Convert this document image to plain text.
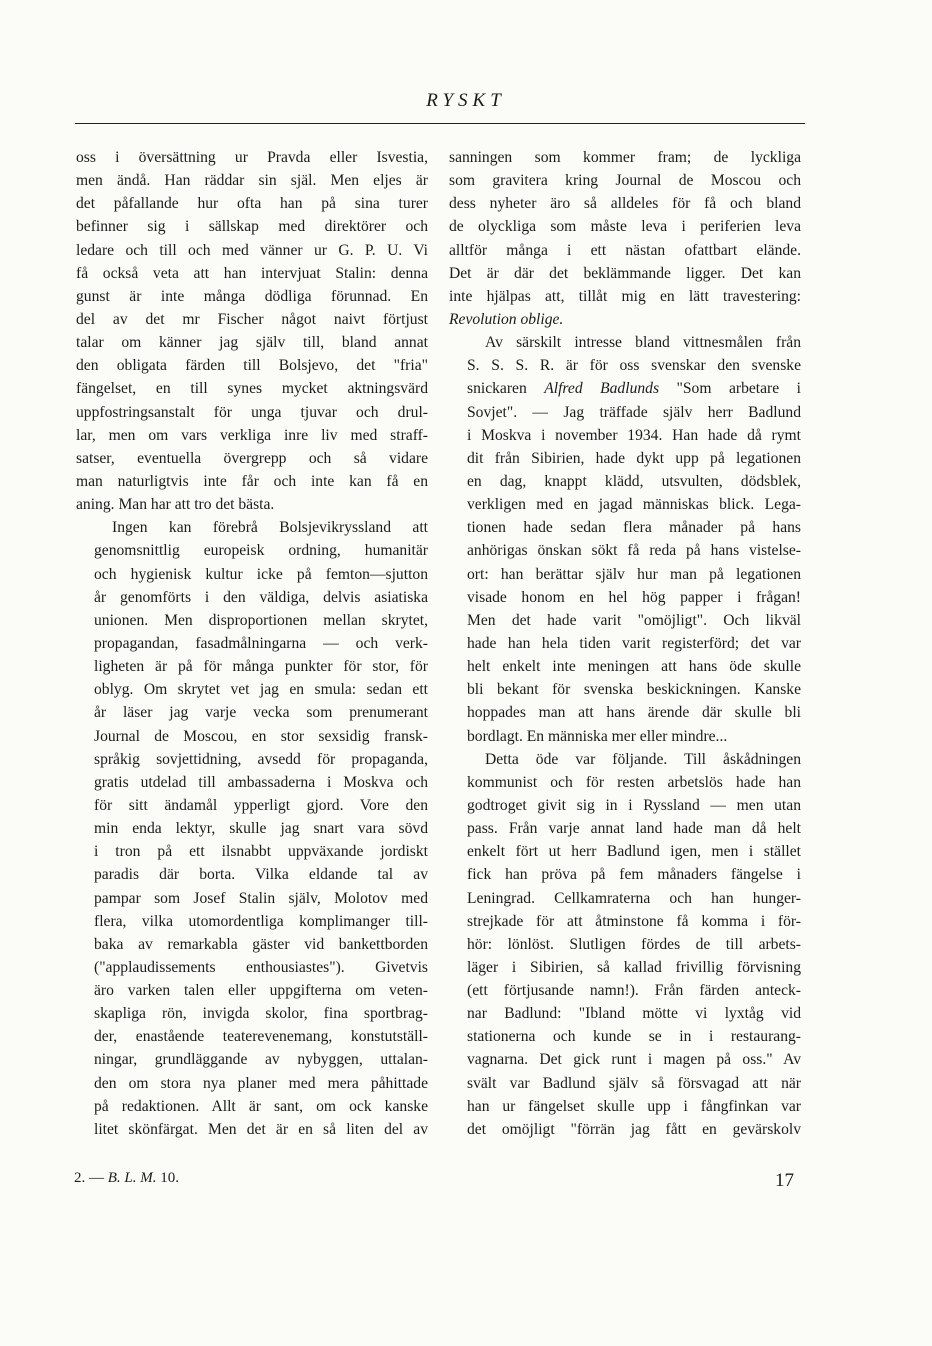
RYSKT

oss i översättning ur Pravda eller Isvestia,
men ändå. Han räddar sin själ. Men eljes är
det påfallande hur ofta han på sina turer
befinner sig i sällskap med direktörer och
ledare och till och med vänner ur G. P. U. Vi
få också veta att han intervjuat Stalin: denna
gunst är inte många dödliga förunnad. En
del av det mr Fischer något naivt förtjust
talar om känner jag själv till, bland annat
den obligata färden till Bolsjevo, det "fria"
fängelset, en till synes mycket aktningsvärd
uppfostringsanstalt för unga tjuvar och drul-
lar, men om vars verkliga inre liv med straff-
satser, eventuella övergrepp och så vidare
man naturligtvis inte får och inte kan få en
aning. Man har att tro det bästa.

Ingen kan förebrå Bolsjevikryssland att
genomsnittlig europeisk ordning, humanitär
och hygienisk kultur icke på femton—sjutton
år genomförts i den väldiga, delvis asiatiska
unionen. Men disproportionen mellan skrytet,
propagandan, fasadmålningarna — och verk-
ligheten är på för många punkter för stor, för
oblyg. Om skrytet vet jag en smula: sedan ett
år läser jag varje vecka som prenumerant
Journal de Moscou, en stor sexsidig fransk-
språkig sovjettidning, avsedd för propaganda,
gratis utdelad till ambassaderna i Moskva och
för sitt ändamål ypperligt gjord. Vore den
min enda lektyr, skulle jag snart vara sövd
i tron på ett ilsnabbt uppväxande jordiskt
paradis där borta. Vilka eldande tal av
pampar som Josef Stalin själv, Molotov med
flera, vilka utomordentliga komplimanger till-
baka av remarkabla gäster vid bankettborden
("applaudissements enthousiastes"). Givetvis
äro varken talen eller uppgifterna om veten-
skapliga rön, invigda skolor, fina sportbrag-
der, enastående teaterevenemang, konstutställ-
ningar, grundläggande av nybyggen, uttalan-
den om stora nya planer med mera påhittade
på redaktionen. Allt är sant, om ock kanske
litet skönfärgat. Men det är en så liten del av

sanningen som kommer fram; de lyckliga
som gravitera kring Journal de Moscou och
dess nyheter äro så alldeles för få och bland
de olyckliga som måste leva i periferien leva
alltför många i ett nästan ofattbart elände.
Det är där det beklämmande ligger. Det kan
inte hjälpas att, tillåt mig en lätt travestering:
Revolution oblige.

Av särskilt intresse bland vittnesmålen från
S. S. S. R. är för oss svenskar den svenske
snickaren Alfred Badlunds "Som arbetare i
Sovjet". — Jag träffade själv herr Badlund
i Moskva i november 1934. Han hade då rymt
dit från Sibirien, hade dykt upp på legationen
en dag, knappt klädd, utsvulten, dödsblek,
verkligen med en jagad människas blick. Lega-
tionen hade sedan flera månader på hans
anhörigas önskan sökt få reda på hans vistelse-
ort: han berättar själv hur man på legationen
visade honom en hel hög papper i frågan!
Men det hade varit "omöjligt". Och likväl
hade han hela tiden varit registerförd; det var
helt enkelt inte meningen att hans öde skulle
bli bekant för svenska beskickningen. Kanske
hoppades man att hans ärende där skulle bli
bordlagt. En människa mer eller mindre...

Detta öde var följande. Till åskådningen
kommunist och för resten arbetslös hade han
godtroget givit sig in i Ryssland — men utan
pass. Från varje annat land hade man då helt
enkelt fört ut herr Badlund igen, men i stället
fick han pröva på fem månaders fängelse i
Leningrad. Cellkamraterna och han hunger-
strejkade för att åtminstone få komma i för-
hör: lönlöst. Slutligen fördes de till arbets-
läger i Sibirien, så kallad frivillig förvisning
(ett förtjusande namn!). Från färden anteck-
nar Badlund: "Ibland mötte vi lyxtåg vid
stationerna och kunde se in i restaurang-
vagnarna. Det gick runt i magen på oss." Av
svält var Badlund själv så försvagad att när
han ur fängelset skulle upp i fångfinkan var
det omöjligt "förrän jag fått en gevärskolv

2. — B. L. M. 10.	17
